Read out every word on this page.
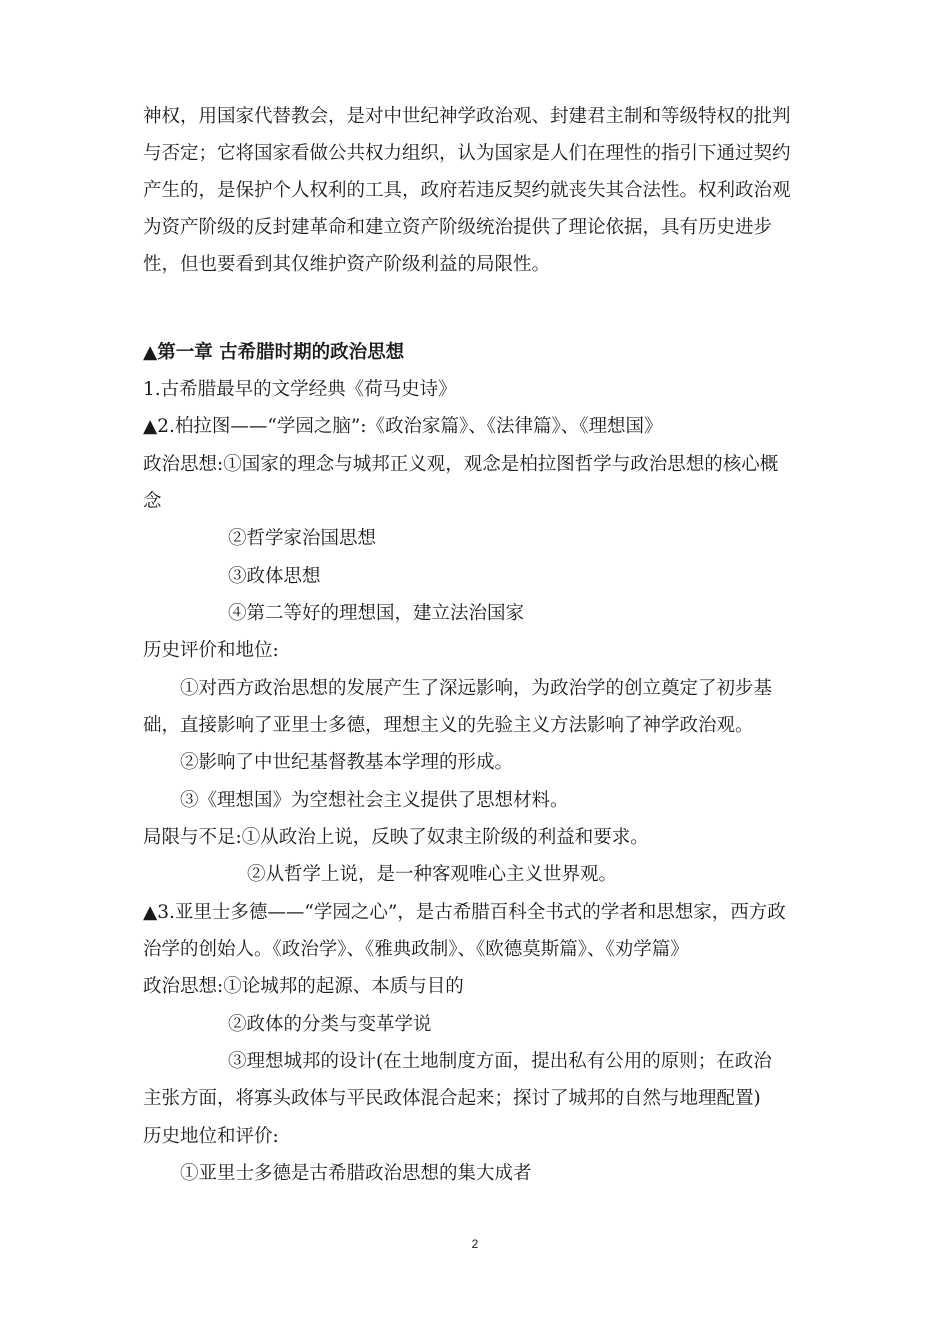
神权，用国家代替教会，是对中世纪神学政治观、封建君主制和等级特权的批判
与否定；它将国家看做公共权力组织，认为国家是人们在理性的指引下通过契约
产生的，是保护个人权利的工具，政府若违反契约就丧失其合法性。权利政治观
为资产阶级的反封建革命和建立资产阶级统治提供了理论依据，具有历史进步
性，但也要看到其仅维护资产阶级利益的局限性。
▲第一章 古希腊时期的政治思想
1.古希腊最早的文学经典《荷马史诗》
▲2.柏拉图——“学园之脑”:《政治家篇》、《法律篇》、《理想国》
政治思想:①国家的理念与城邦正义观，观念是柏拉图哲学与政治思想的核心概
念
②哲学家治国思想
③政体思想
④第二等好的理想国，建立法治国家
历史评价和地位:
①对西方政治思想的发展产生了深远影响，为政治学的创立奠定了初步基
础，直接影响了亚里士多德，理想主义的先验主义方法影响了神学政治观。
②影响了中世纪基督教基本学理的形成。
③《理想国》为空想社会主义提供了思想材料。
局限与不足:①从政治上说，反映了奴隶主阶级的利益和要求。
②从哲学上说，是一种客观唯心主义世界观。
▲3.亚里士多德——“学园之心”，是古希腊百科全书式的学者和思想家，西方政
治学的创始人。《政治学》、《雅典政制》、《欧德莫斯篇》、《劝学篇》
政治思想:①论城邦的起源、本质与目的
②政体的分类与变革学说
③理想城邦的设计(在土地制度方面，提出私有公用的原则；在政治
主张方面，将寡头政体与平民政体混合起来；探讨了城邦的自然与地理配置)
历史地位和评价:
①亚里士多德是古希腊政治思想的集大成者
2
